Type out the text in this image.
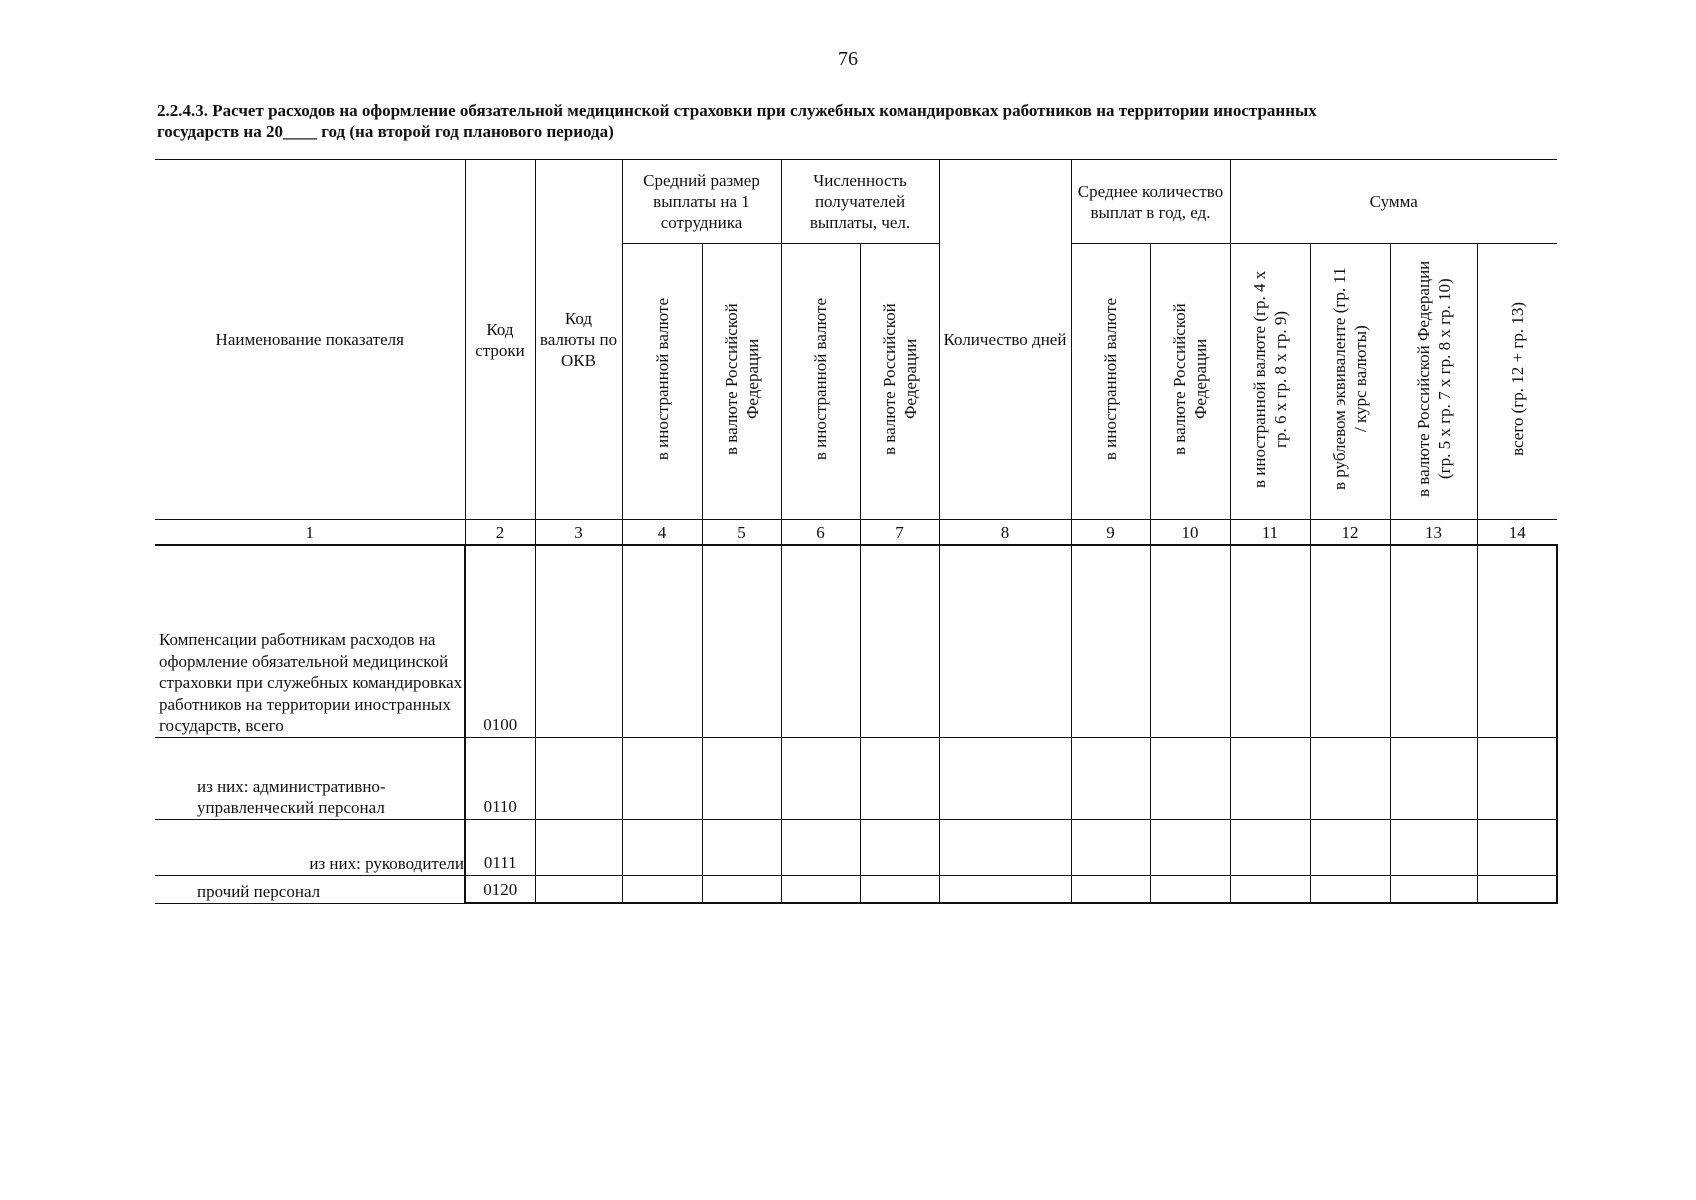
76
2.2.4.3. Расчет расходов на оформление обязательной медицинской страховки при служебных командировках работников на территории иностранных
государств на 20____ год (на второй год планового периода)
Наименование показателя	Код строки	Код валюты по ОКВ	Средний размер выплаты на 1 сотрудника		Численность получателей выплаты, чел.		Количество дней	Среднее количество выплат в год, ед.		Сумма			
			в иностранной валюте	в валюте Российской Федерации	в иностранной валюте	в валюте Российской Федерации		в иностранной валюте	в валюте Российской Федерации	в иностранной валюте (гр. 4 х гр. 6 х гр. 8 х гр. 9)	в рублевом эквиваленте (гр. 11 / курс валюты)	в валюте Российской Федерации (гр. 5 х гр. 7 х гр. 8 х гр. 10)	всего (гр. 12 + гр. 13)
1	2	3	4	5	6	7	8	9	10	11	12	13	14
Компенсации работникам расходов на оформление обязательной медицинской страховки при служебных командировках работников на территории иностранных государств, всего	0100												
из них: административно-управленческий персонал	0110												
из них: руководители	0111												
прочий персонал	0120												
